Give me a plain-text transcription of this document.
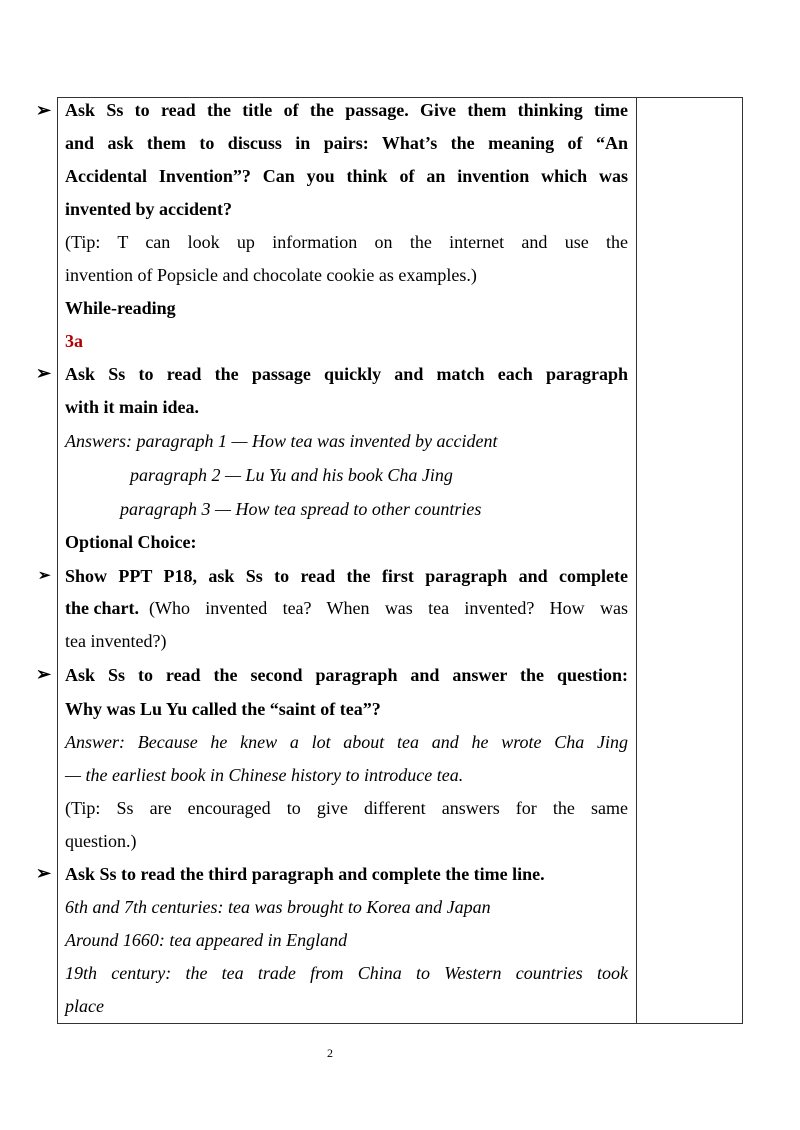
➢
➢
➢
➢
➢
Ask Ss to read the title of the passage. Give them thinking time
and ask them to discuss in pairs: What’s the meaning of “An
Accidental Invention”? Can you think of an invention which was
invented by accident?
(Tip: T can look up information on the internet and use the
invention of Popsicle and chocolate cookie as examples.)
While-reading
3a
Ask Ss to read the passage quickly and match each paragraph
with it main idea.
Answers: paragraph 1 — How tea was invented by accident
paragraph 2 — Lu Yu and his book Cha Jing
paragraph 3 — How tea spread to other countries
Optional Choice:
Show PPT P18, ask Ss to read the first paragraph and complete
the chart. (Who invented tea? When was tea invented? How was
tea invented?)
Ask Ss to read the second paragraph and answer the question:
Why was Lu Yu called the “saint of tea”?
Answer: Because he knew a lot about tea and he wrote Cha Jing
— the earliest book in Chinese history to introduce tea.
(Tip: Ss are encouraged to give different answers for the same
question.)
Ask Ss to read the third paragraph and complete the time line.
6th and 7th centuries: tea was brought to Korea and Japan
Around 1660: tea appeared in England
19th century: the tea trade from China to Western countries took
place
2
